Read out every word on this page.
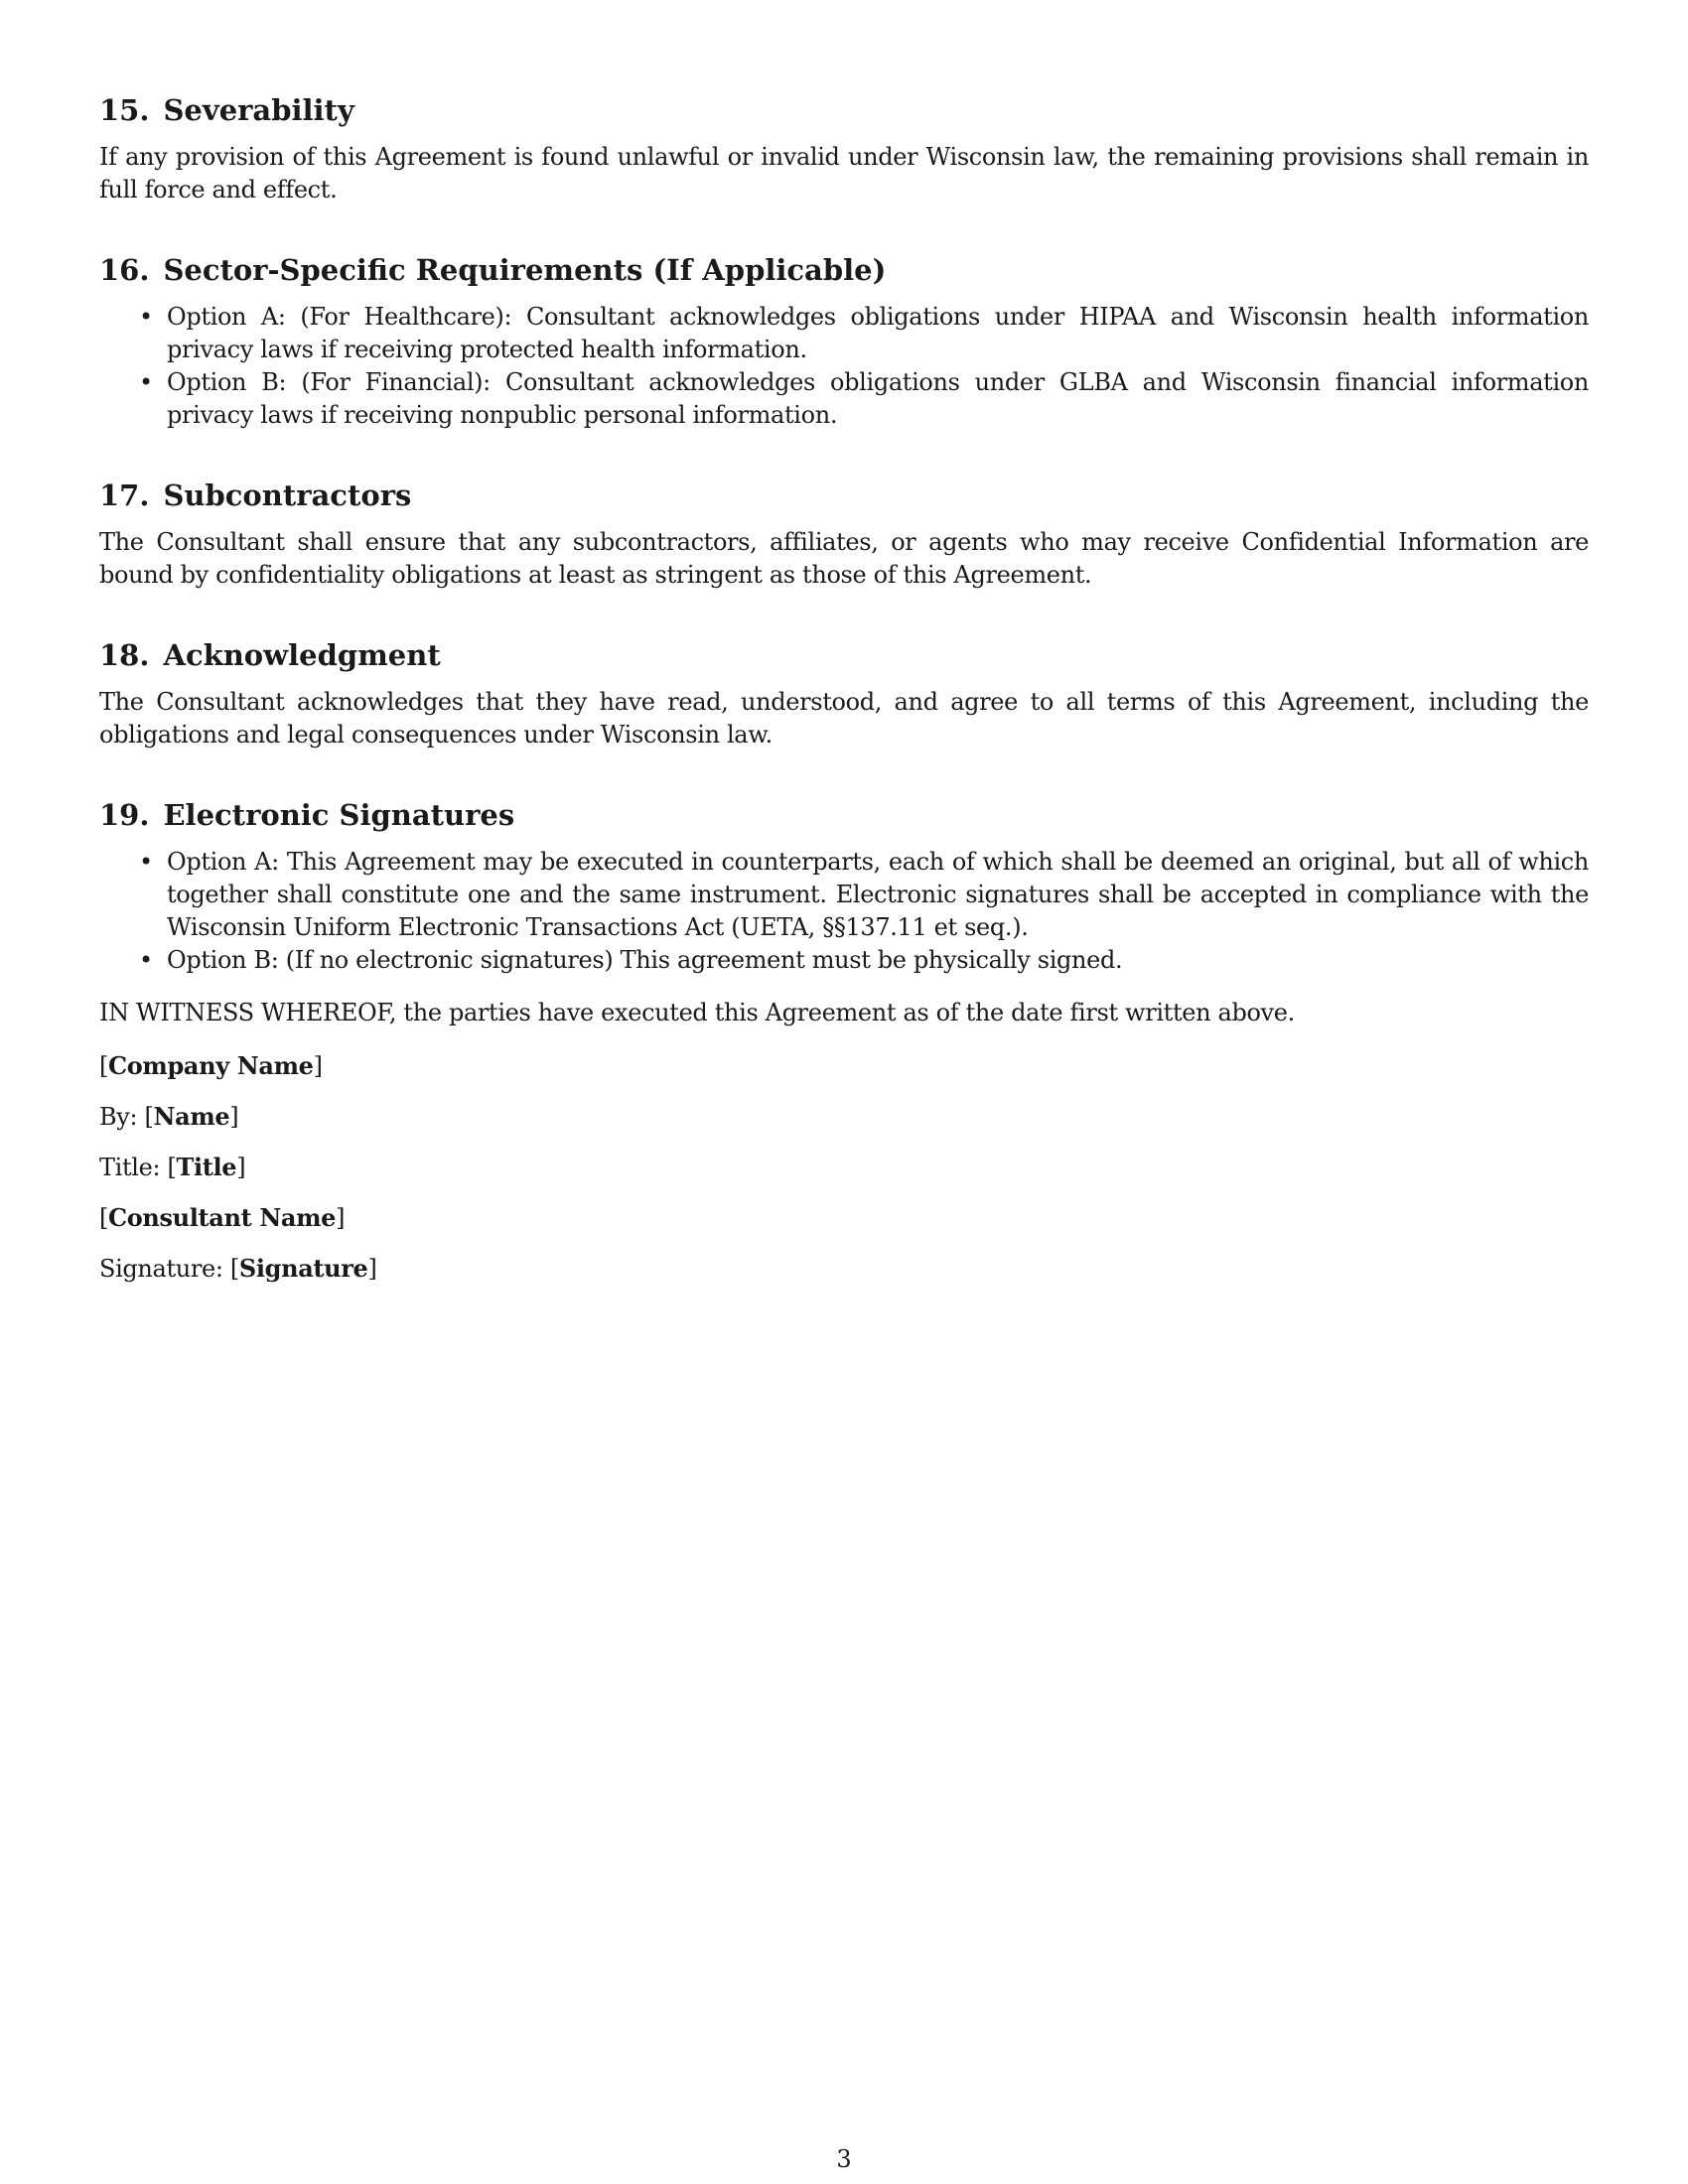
15. Severability

If any provision of this Agreement is found unlawful or invalid under Wisconsin law, the remaining provisions shall remain in full force and effect.

16. Sector-Specific Requirements (If Applicable)
• Option A: (For Healthcare): Consultant acknowledges obligations under HIPAA and Wisconsin health information privacy laws if receiving protected health information.
• Option B: (For Financial): Consultant acknowledges obligations under GLBA and Wisconsin financial information privacy laws if receiving nonpublic personal information.
17. Subcontractors

The Consultant shall ensure that any subcontractors, affiliates, or agents who may receive Confidential Information are bound by confidentiality obligations at least as stringent as those of this Agreement.

18. Acknowledgment

The Consultant acknowledges that they have read, understood, and agree to all terms of this Agreement, including the obligations and legal consequences under Wisconsin law.

19. Electronic Signatures
• Option A: This Agreement may be executed in counterparts, each of which shall be deemed an original, but all of which together shall constitute one and the same instrument. Electronic signatures shall be accepted in compliance with the Wisconsin Uniform Electronic Transactions Act (UETA, §§137.11 et seq.).
• Option B: (If no electronic signatures) This agreement must be physically signed.

IN WITNESS WHEREOF, the parties have executed this Agreement as of the date first written above.

[Company Name]
By: [Name]
Title: [Title]
[Consultant Name]
Signature: [Signature]
3
